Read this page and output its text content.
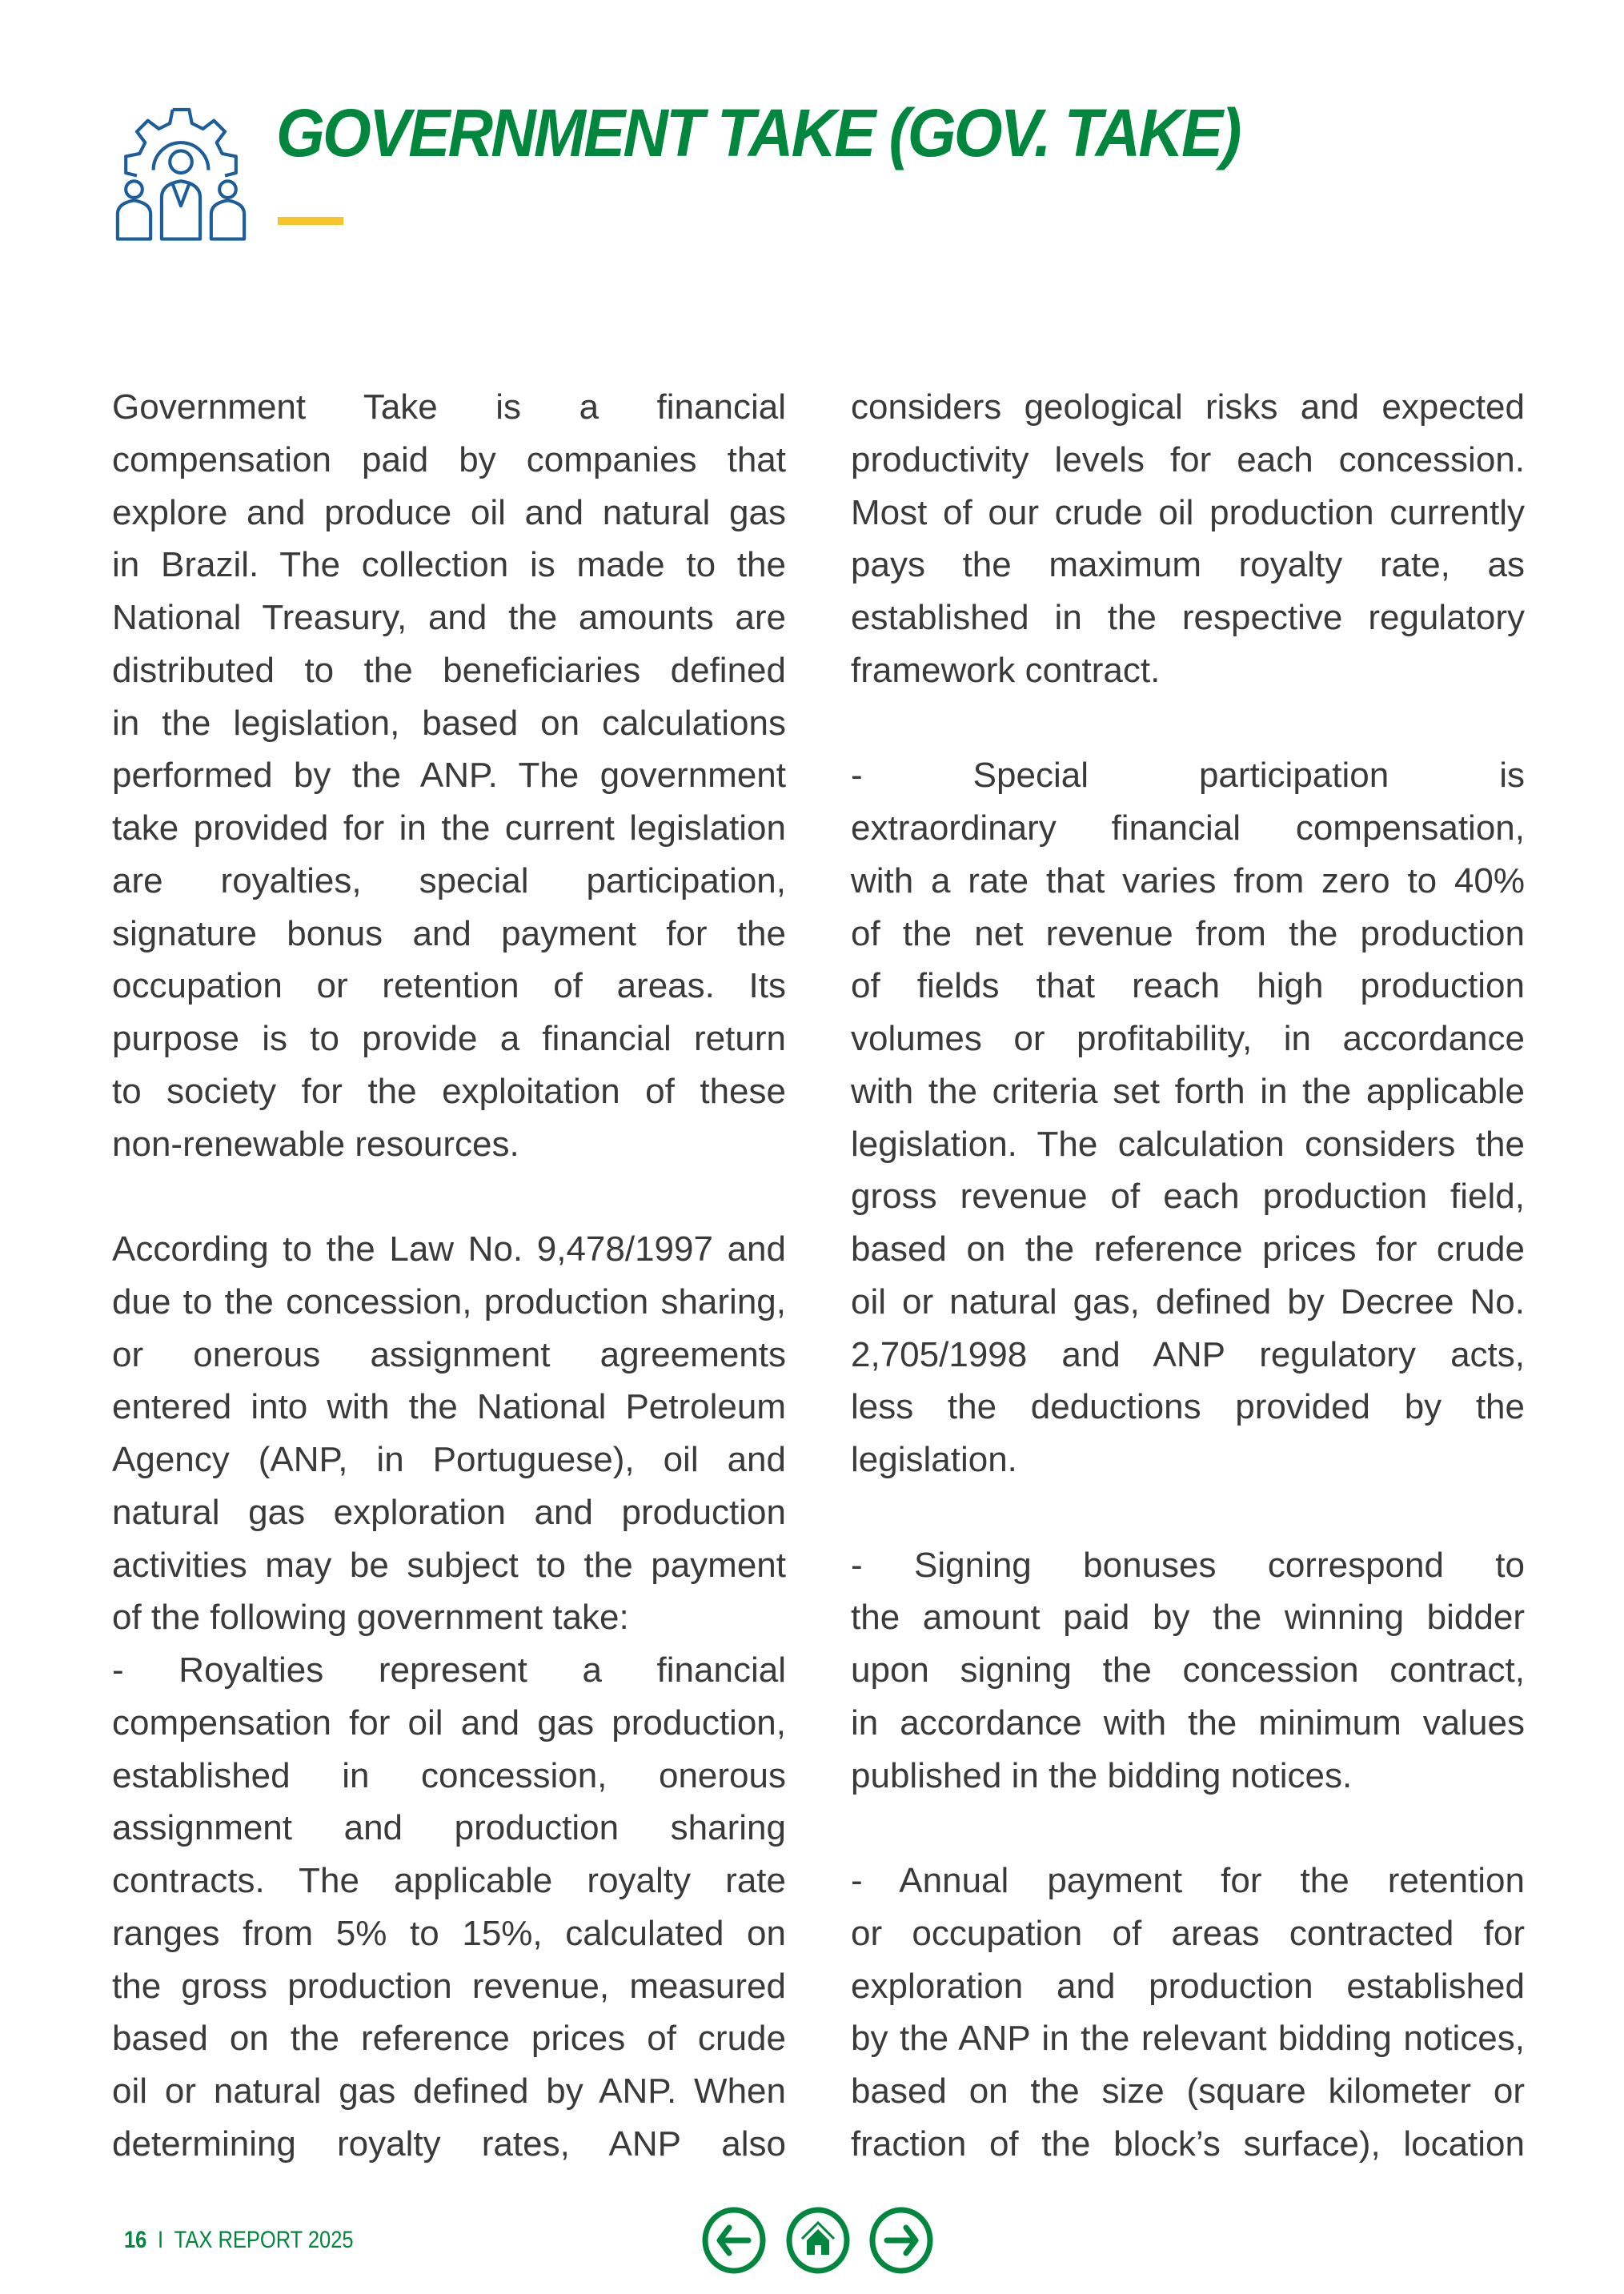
GOVERNMENT TAKE (GOV. TAKE)
Government Take is a financial
compensation paid by companies that
explore and produce oil and natural gas
in Brazil. The collection is made to the
National Treasury, and the amounts are
distributed to the beneficiaries defined
in the legislation, based on calculations
performed by the ANP. The government
take provided for in the current legislation
are royalties, special participation,
signature bonus and payment for the
occupation or retention of areas. Its
purpose is to provide a financial return
to society for the exploitation of these
non-renewable resources.
According to the Law No. 9,478/1997 and
due to the concession, production sharing,
or onerous assignment agreements
entered into with the National Petroleum
Agency (ANP, in Portuguese), oil and
natural gas exploration and production
activities may be subject to the payment
of the following government take:
- Royalties represent a financial
compensation for oil and gas production,
established in concession, onerous
assignment and production sharing
contracts. The applicable royalty rate
ranges from 5% to 15%, calculated on
the gross production revenue, measured
based on the reference prices of crude
oil or natural gas defined by ANP. When
determining royalty rates, ANP also
considers geological risks and expected
productivity levels for each concession.
Most of our crude oil production currently
pays the maximum royalty rate, as
established in the respective regulatory
framework contract.
- Special participation is
extraordinary financial compensation,
with a rate that varies from zero to 40%
of the net revenue from the production
of fields that reach high production
volumes or profitability, in accordance
with the criteria set forth in the applicable
legislation. The calculation considers the
gross revenue of each production field,
based on the reference prices for crude
oil or natural gas, defined by Decree No.
2,705/1998 and ANP regulatory acts,
less the deductions provided by the
legislation.
- Signing bonuses correspond to
the amount paid by the winning bidder
upon signing the concession contract,
in accordance with the minimum values
published in the bidding notices.
- Annual payment for the retention
or occupation of areas contracted for
exploration and production established
by the ANP in the relevant bidding notices,
based on the size (square kilometer or
fraction of the block’s surface), location
16 I TAX REPORT 2025
